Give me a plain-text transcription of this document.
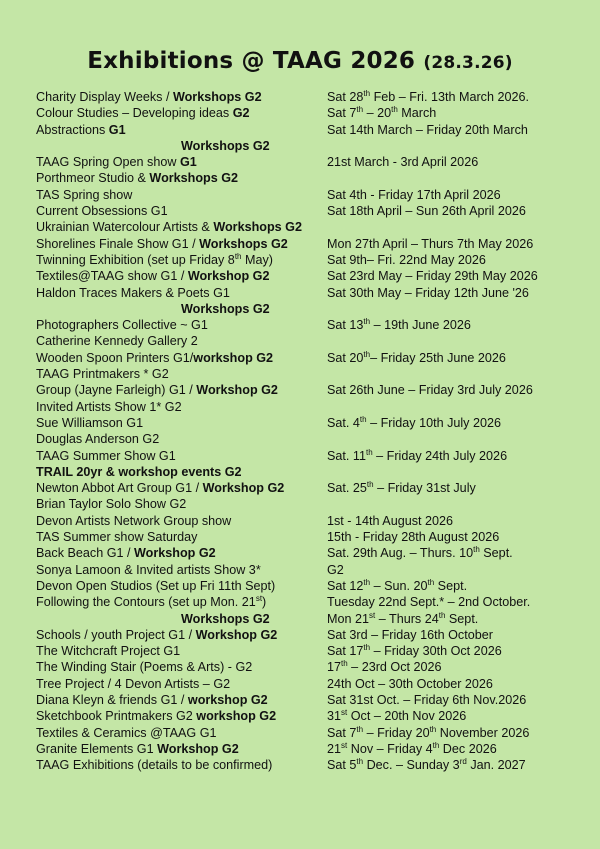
Exhibitions @ TAAG 2026 (28.3.26)
Charity Display Weeks / Workshops G2	Sat 28th Feb – Fri. 13th March 2026.
Colour Studies – Developing ideas G2	Sat 7th – 20th March
Abstractions G1	Sat 14th March – Friday 20th March
Workshops G2
TAAG Spring Open show G1	21st March - 3rd April 2026
Porthmeor Studio & Workshops G2
TAS Spring show	Sat 4th - Friday 17th April 2026
Current Obsessions G1	Sat 18th April – Sun 26th April 2026
Ukrainian Watercolour Artists & Workshops G2
Shorelines Finale Show G1 / Workshops G2	Mon 27th April – Thurs 7th May 2026
Twinning Exhibition (set up Friday 8th May)	Sat 9th– Fri. 22nd May 2026
Textiles@TAAG show G1 / Workshop G2	Sat 23rd May – Friday 29th May 2026
Haldon Traces Makers & Poets G1	Sat 30th May – Friday 12th June '26
Workshops G2
Photographers Collective ~ G1	Sat 13th – 19th June 2026
Catherine Kennedy Gallery 2
Wooden Spoon Printers G1/workshop G2	Sat 20th– Friday 25th June 2026
TAAG Printmakers * G2
Group (Jayne Farleigh) G1 / Workshop G2	Sat 26th June – Friday 3rd July 2026
Invited Artists Show 1* G2
Sue Williamson G1	Sat. 4th – Friday 10th July 2026
Douglas Anderson G2
TAAG Summer Show G1	Sat. 11th – Friday 24th July 2026
TRAIL 20yr & workshop events G2
Newton Abbot Art Group G1 / Workshop G2	Sat. 25th – Friday 31st July
Brian Taylor Solo Show G2
Devon Artists Network Group show	1st - 14th August 2026
TAS Summer show Saturday	15th - Friday 28th August 2026
Back Beach G1 / Workshop G2	Sat. 29th Aug. – Thurs. 10th Sept.
Sonya Lamoon & Invited artists Show 3*	G2
Devon Open Studios (Set up Fri 11th Sept)	Sat 12th – Sun. 20th Sept.
Following the Contours (set up Mon. 21st)	Tuesday 22nd Sept.* – 2nd October.
Workshops G2	Mon 21st – Thurs 24th Sept.
Schools / youth Project G1 / Workshop G2	Sat 3rd – Friday 16th October
The Witchcraft Project G1	Sat 17th – Friday 30th Oct 2026
The Winding Stair (Poems & Arts) - G2	17th – 23rd Oct 2026
Tree Project / 4 Devon Artists – G2	24th Oct – 30th October 2026
Diana Kleyn & friends G1 / workshop G2	Sat 31st Oct. – Friday 6th Nov.2026
Sketchbook Printmakers G2 workshop G2	31st Oct – 20th Nov 2026
Textiles & Ceramics @TAAG G1	Sat 7th – Friday 20th November 2026
Granite Elements G1 Workshop G2	21st Nov – Friday 4th Dec 2026
TAAG Exhibitions (details to be confirmed)	Sat 5th Dec. – Sunday 3rd Jan. 2027
